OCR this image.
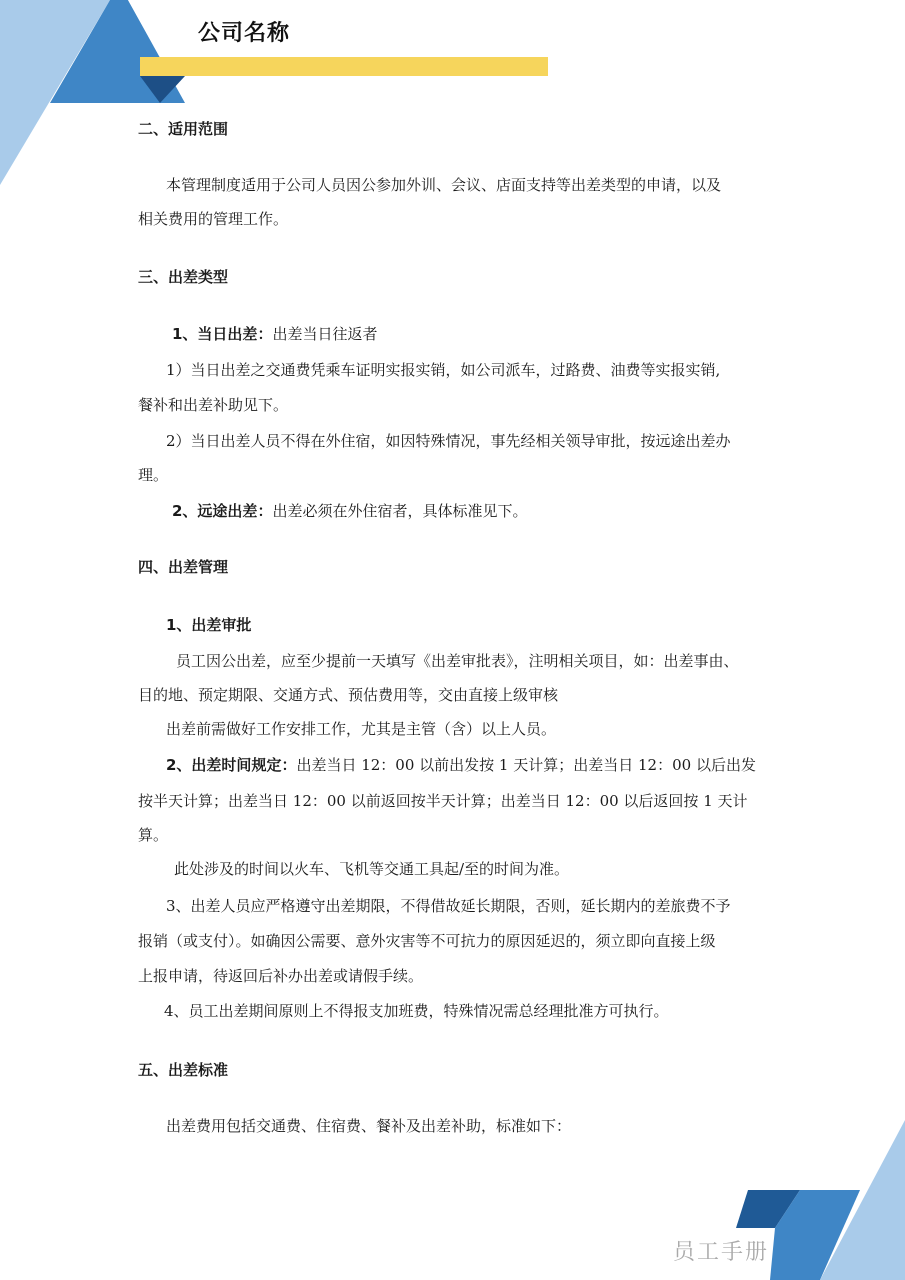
公司名称
二、适用范围
本管理制度适用于公司人员因公参加外训、会议、店面支持等出差类型的申请，以及
相关费用的管理工作。
三、出差类型
1、当日出差：出差当日往返者
1）当日出差之交通费凭乘车证明实报实销，如公司派车，过路费、油费等实报实销,
餐补和出差补助见下。
2）当日出差人员不得在外住宿，如因特殊情况，事先经相关领导审批，按远途出差办
理。
2、远途出差：出差必须在外住宿者，具体标准见下。
四、出差管理
1、出差审批
员工因公出差，应至少提前一天填写《出差审批表》，注明相关项目，如：出差事由、
目的地、预定期限、交通方式、预估费用等，交由直接上级审核
出差前需做好工作安排工作，尤其是主管（含）以上人员。
2、出差时间规定：出差当日 12：00 以前出发按 1 天计算；出差当日 12：00 以后出发
按半天计算；出差当日 12：00 以前返回按半天计算；出差当日 12：00 以后返回按 1 天计
算。
此处涉及的时间以火车、飞机等交通工具起/至的时间为准。
3、出差人员应严格遵守出差期限，不得借故延长期限，否则，延长期内的差旅费不予
报销（或支付）。如确因公需要、意外灾害等不可抗力的原因延迟的，须立即向直接上级
上报申请，待返回后补办出差或请假手续。
4、员工出差期间原则上不得报支加班费，特殊情况需总经理批准方可执行。
五、出差标准
出差费用包括交通费、住宿费、餐补及出差补助，标准如下：
员工手册
